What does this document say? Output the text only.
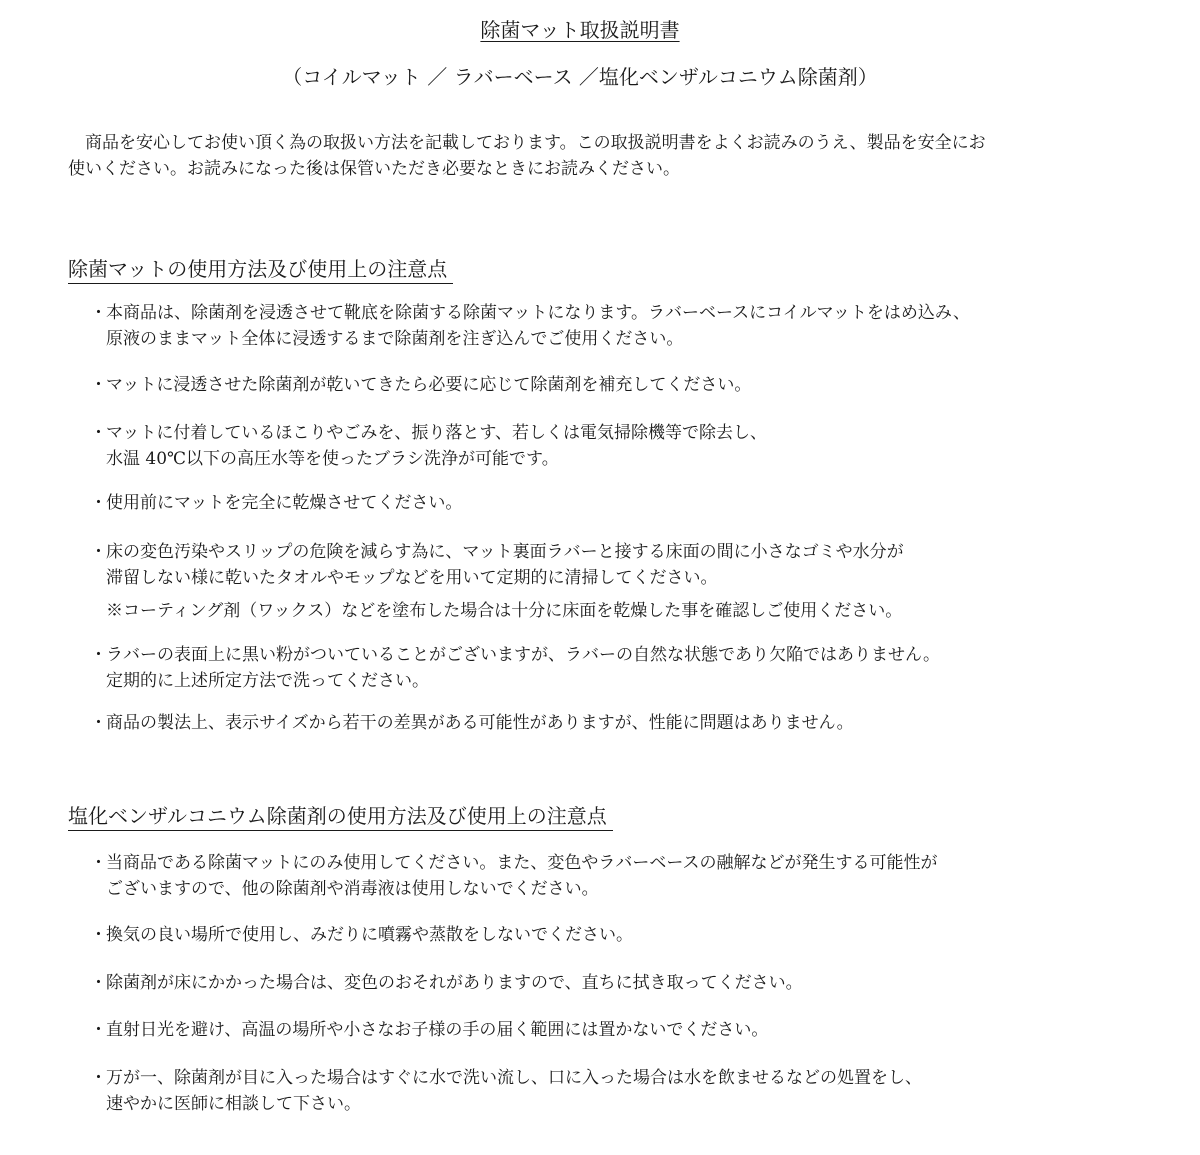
除菌マット取扱説明書
（コイルマット ／ ラバーベース ／塩化ベンザルコニウム除菌剤）

商品を安心してお使い頂く為の取扱い方法を記載しております。この取扱説明書をよくお読みのうえ、製品を安全にお

使いください。お読みになった後は保管いただき必要なときにお読みください。

除菌マットの使用方法及び使用上の注意点
・ 本商品は、除菌剤を浸透させて靴底を除菌する除菌マットになります。ラバーベースにコイルマットをはめ込み、
原液のままマット全体に浸透するまで除菌剤を注ぎ込んでご使用ください。
・ マットに浸透させた除菌剤が乾いてきたら必要に応じて除菌剤を補充してください。
・ マットに付着しているほこりやごみを、振り落とす、若しくは電気掃除機等で除去し、
水温 40℃以下の高圧水等を使ったブラシ洗浄が可能です。
・ 使用前にマットを完全に乾燥させてください。
・ 床の変色汚染やスリップの危険を減らす為に、マット裏面ラバーと接する床面の間に小さなゴミや水分が
滞留しない様に乾いたタオルやモップなどを用いて定期的に清掃してください。
※コーティング剤（ワックス）などを塗布した場合は十分に床面を乾燥した事を確認しご使用ください。
・ ラバーの表面上に黒い粉がついていることがございますが、ラバーの自然な状態であり欠陥ではありません。
定期的に上述所定方法で洗ってください。
・ 商品の製法上、表示サイズから若干の差異がある可能性がありますが、性能に問題はありません。
塩化ベンザルコニウム除菌剤の使用方法及び使用上の注意点
・ 当商品である除菌マットにのみ使用してください。また、変色やラバーベースの融解などが発生する可能性が
ございますので、他の除菌剤や消毒液は使用しないでください。
・ 換気の良い場所で使用し、みだりに噴霧や蒸散をしないでください。
・ 除菌剤が床にかかった場合は、変色のおそれがありますので、直ちに拭き取ってください。
・ 直射日光を避け、高温の場所や小さなお子様の手の届く範囲には置かないでください。
・ 万が一、除菌剤が目に入った場合はすぐに水で洗い流し、口に入った場合は水を飲ませるなどの処置をし、
速やかに医師に相談して下さい。
